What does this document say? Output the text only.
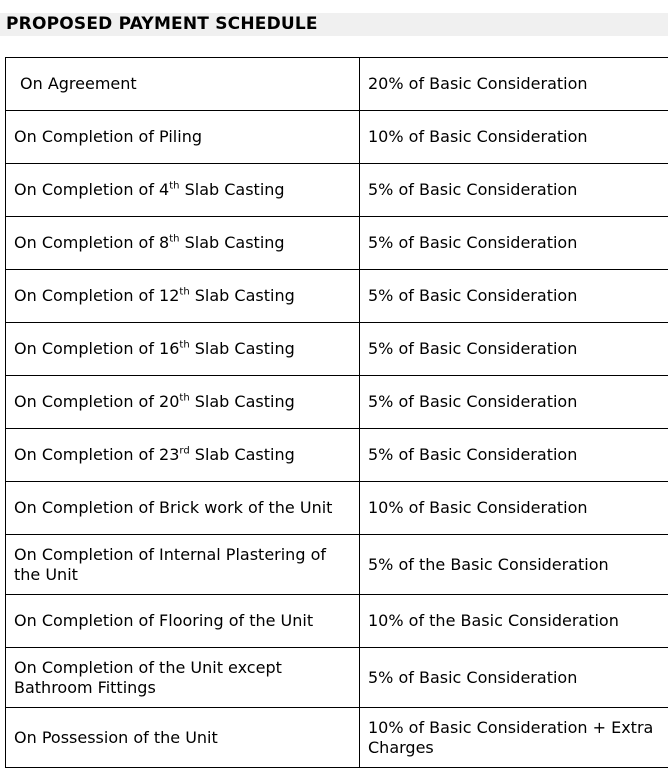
PROPOSED PAYMENT SCHEDULE
On Agreement	20% of Basic Consideration
On Completion of Piling	10% of Basic Consideration
On Completion of 4th Slab Casting	5% of Basic Consideration
On Completion of 8th Slab Casting	5% of Basic Consideration
On Completion of 12th Slab Casting	5% of Basic Consideration
On Completion of 16th Slab Casting	5% of Basic Consideration
On Completion of 20th Slab Casting	5% of Basic Consideration
On Completion of 23rd Slab Casting	5% of Basic Consideration
On Completion of Brick work of the Unit	10% of Basic Consideration
On Completion of Internal Plastering of the Unit	5% of the Basic Consideration
On Completion of Flooring of the Unit	10% of the Basic Consideration
On Completion of the Unit except Bathroom Fittings	5% of Basic Consideration
On Possession of the Unit	10% of Basic Consideration + Extra Charges
